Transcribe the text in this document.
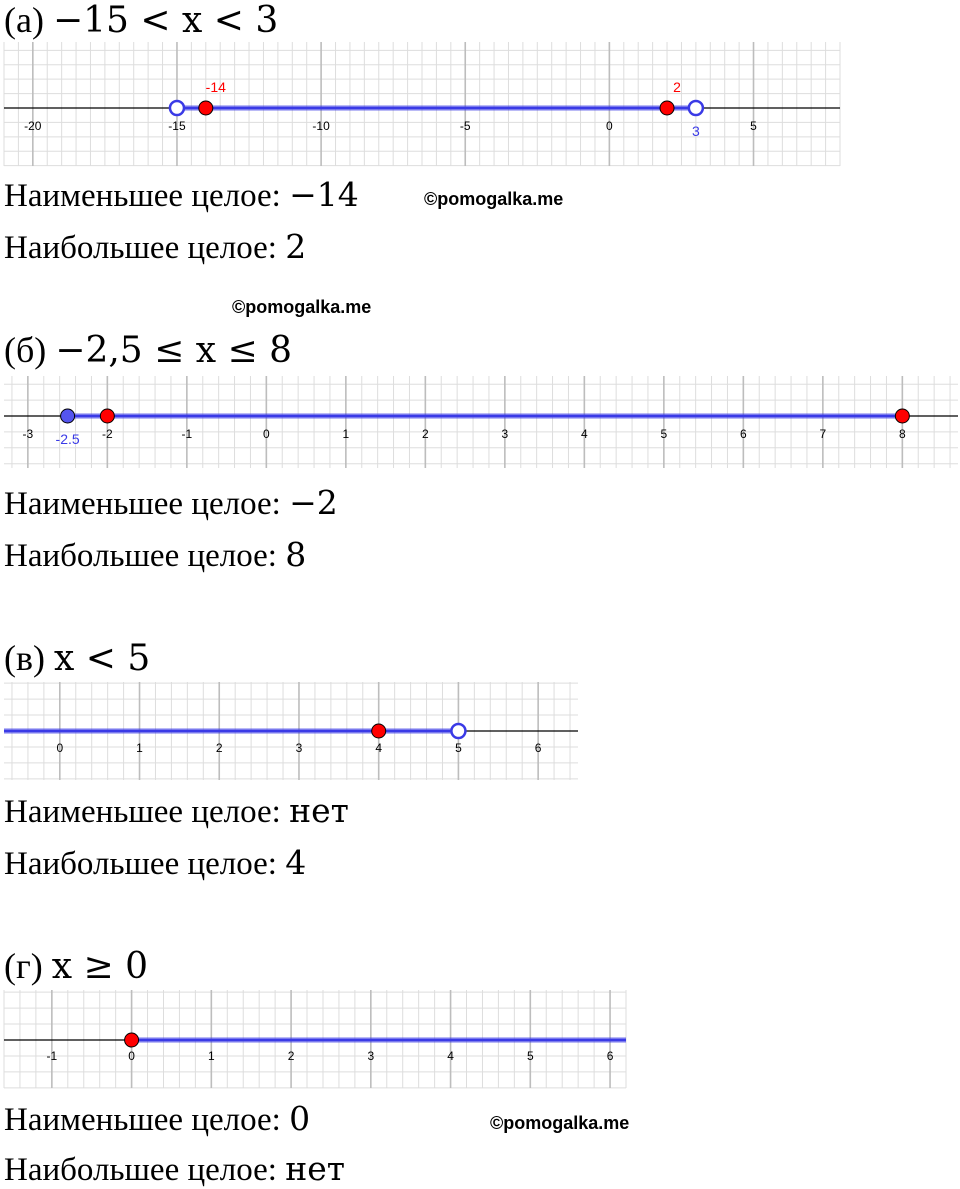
(а) −15 < x < 3
-20	-15	-10	-5	0	5
-14	2
3
Наименьшее целое: −14	©pomogalka.me
Наибольшее целое: 2
©pomogalka.me
(б) −2,5 ≤ x ≤ 8
-3	-2	-1	0	1	2	3	4	5	6	7	8
-2.5
Наименьшее целое: −2
Наибольшее целое: 8
(в) x < 5
0	1	2	3	4	5	6
Наименьшее целое: нет
Наибольшее целое: 4
(г) x ≥ 0
-1	0	1	2	3	4	5	6
Наименьшее целое: 0	©pomogalka.me
Наибольшее целое: нет
